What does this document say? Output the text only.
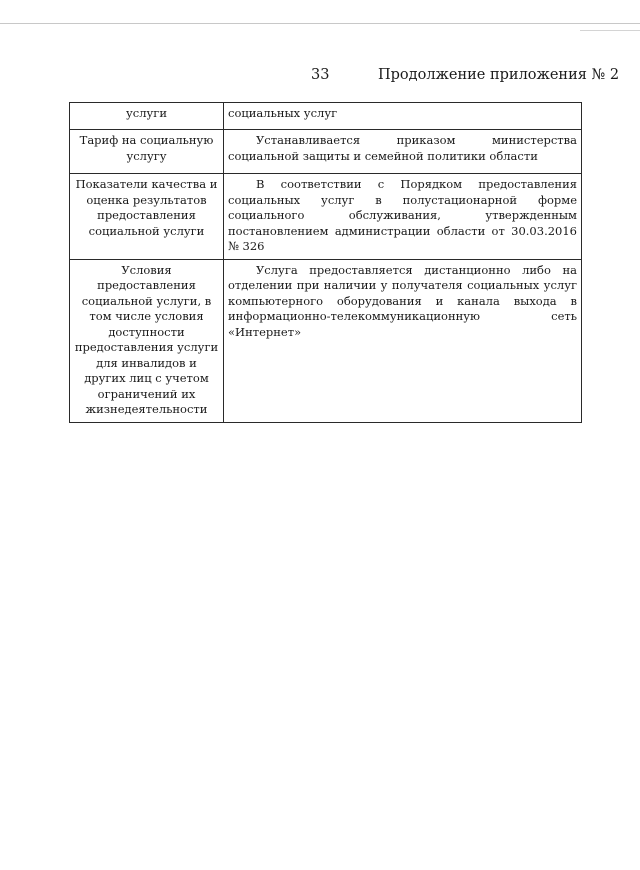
33	Продолжение приложения № 2
услуги	социальных услуг
Тариф на социальную услугу	Устанавливается приказом министерства социальной защиты и семейной политики области

Показатели качества и оценка результатов предоставления социальной услуги	В соответствии с Порядком предоставления социальных услуг в полустационарной форме социального обслуживания, утвержденным постановлением администрации области от 30.03.2016 № 326

Условия предоставления социальной услуги, в том числе условия доступности предоставления услуги для инвалидов и других лиц с учетом ограничений их жизнедеятельности	Услуга предоставляется дистанционно либо на отделении при наличии у получателя социальных услуг компьютерного оборудования и канала выхода в информационно-телекоммуникационную сеть «Интернет»
